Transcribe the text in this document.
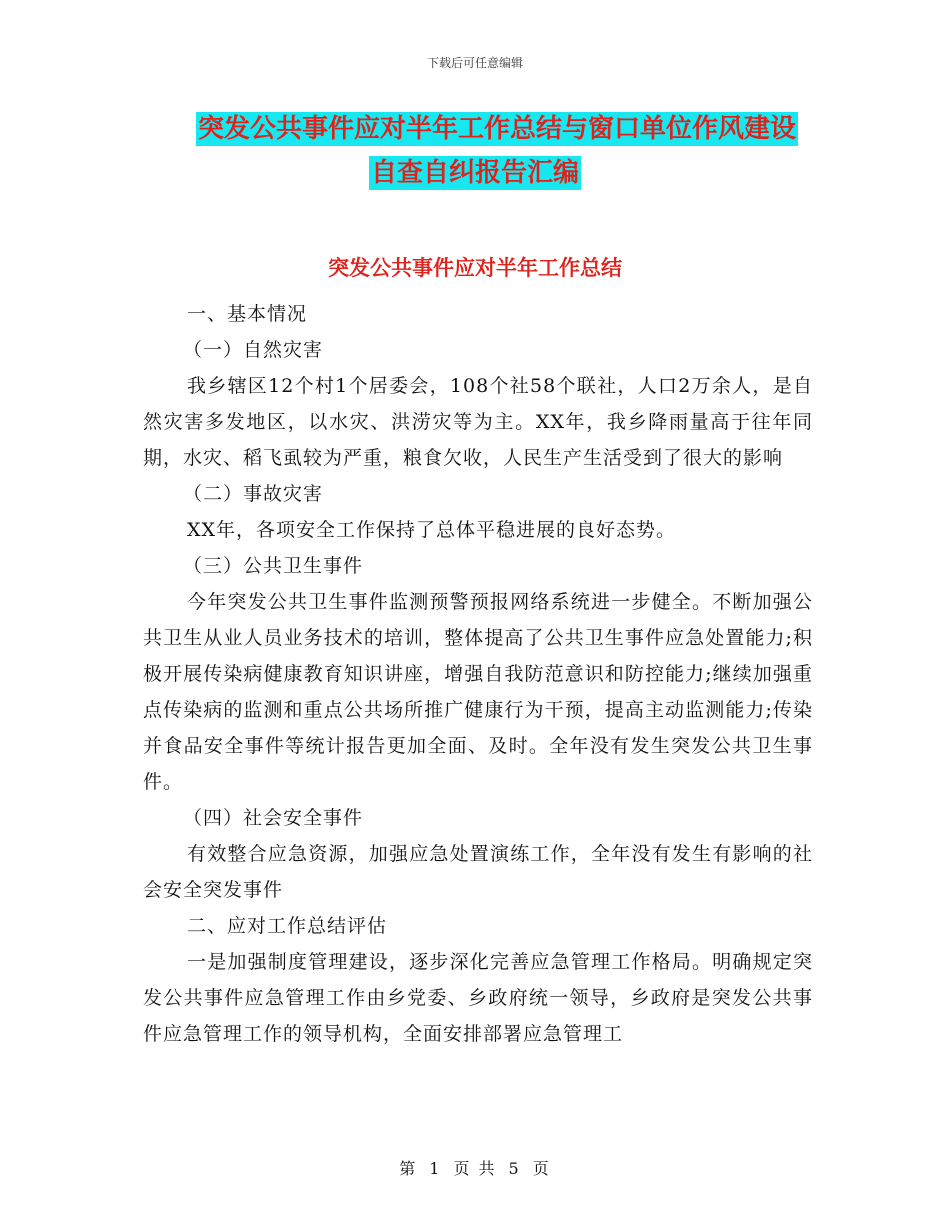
下载后可任意编辑
突发公共事件应对半年工作总结与窗口单位作风建设
自查自纠报告汇编
突发公共事件应对半年工作总结

一、基本情况

（一）自然灾害

我乡辖区12个村1个居委会，108个社58个联社，人口2万余人，是自然灾害多发地区，以水灾、洪涝灾等为主。XX年，我乡降雨量高于往年同期，水灾、稻飞虱较为严重，粮食欠收，人民生产生活受到了很大的影响

（二）事故灾害

XX年，各项安全工作保持了总体平稳进展的良好态势。

（三）公共卫生事件

今年突发公共卫生事件监测预警预报网络系统进一步健全。不断加强公共卫生从业人员业务技术的培训，整体提高了公共卫生事件应急处置能力;积极开展传染病健康教育知识讲座，增强自我防范意识和防控能力;继续加强重点传染病的监测和重点公共场所推广健康行为干预，提高主动监测能力;传染并食品安全事件等统计报告更加全面、及时。全年没有发生突发公共卫生事件。

（四）社会安全事件

有效整合应急资源，加强应急处置演练工作，全年没有发生有影响的社会安全突发事件

二、应对工作总结评估

一是加强制度管理建设，逐步深化完善应急管理工作格局。明确规定突发公共事件应急管理工作由乡党委、乡政府统一领导，乡政府是突发公共事件应急管理工作的领导机构，全面安排部署应急管理工

第 1 页 共 5 页
